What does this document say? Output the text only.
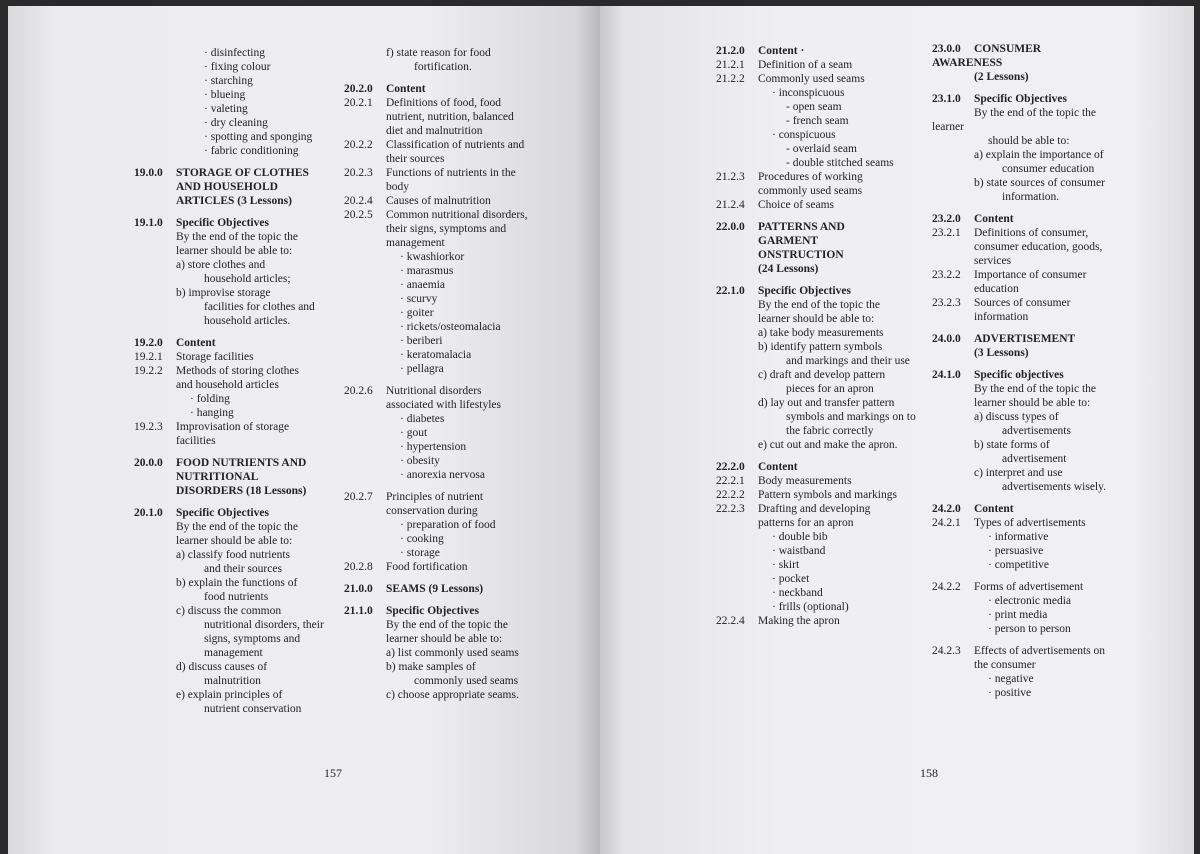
· disinfecting
· fixing colour
· starching
· blueing
· valeting
· dry cleaning
· spotting and sponging
· fabric conditioning
19.0.0	STORAGE OF CLOTHES
AND HOUSEHOLD
ARTICLES (3 Lessons)
19.1.0	Specific Objectives
By the end of the topic the
learner should be able to:
a) store clothes and
household articles;
b) improvise storage
facilities for clothes and
household articles.
19.2.0	Content
19.2.1	Storage facilities
19.2.2	Methods of storing clothes
and household articles
· folding
· hanging
19.2.3	Improvisation of storage
facilities
20.0.0	FOOD NUTRIENTS AND
NUTRITIONAL
DISORDERS (18 Lessons)
20.1.0	Specific Objectives
By the end of the topic the
learner should be able to:
a) classify food nutrients
and their sources
b) explain the functions of
food nutrients
c) discuss the common
nutritional disorders, their
signs, symptoms and
management
d) discuss causes of
malnutrition
e) explain principles of
nutrient conservation
f) state reason for food
fortification.
20.2.0	Content
20.2.1	Definitions of food, food
nutrient, nutrition, balanced
diet and malnutrition
20.2.2	Classification of nutrients and
their sources
20.2.3	Functions of nutrients in the
body
20.2.4	Causes of malnutrition
20.2.5	Common nutritional disorders,
their signs, symptoms and
management
· kwashiorkor
· marasmus
· anaemia
· scurvy
· goiter
· rickets/osteomalacia
· beriberi
· keratomalacia
· pellagra
20.2.6	Nutritional disorders
associated with lifestyles
· diabetes
· gout
· hypertension
· obesity
· anorexia nervosa
20.2.7	Principles of nutrient
conservation during
· preparation of food
· cooking
· storage
20.2.8	Food fortification
21.0.0	SEAMS (9 Lessons)
21.1.0	Specific Objectives
By the end of the topic the
learner should be able to:
a) list commonly used seams
b) make samples of
commonly used seams
c) choose appropriate seams.
157
21.2.0	Content ·
21.2.1	Definition of a seam
21.2.2	Commonly used seams
· inconspicuous
- open seam
- french seam
· conspicuous
- overlaid seam
- double stitched seams
21.2.3	Procedures of working
commonly used seams
21.2.4	Choice of seams
22.0.0	PATTERNS AND
GARMENT
ONSTRUCTION
(24 Lessons)
22.1.0	Specific Objectives
By the end of the topic the
learner should be able to:
a) take body measurements
b) identify pattern symbols
and markings and their use
c) draft and develop pattern
pieces for an apron
d) lay out and transfer pattern
symbols and markings on to
the fabric correctly
e) cut out and make the apron.
22.2.0	Content
22.2.1	Body measurements
22.2.2	Pattern symbols and markings
22.2.3	Drafting and developing
patterns for an apron
· double bib
· waistband
· skirt
· pocket
· neckband
· frills (optional)
22.2.4	Making the apron
23.0.0	CONSUMER
AWARENESS
(2 Lessons)
23.1.0	Specific Objectives
By the end of the topic the
learner
should be able to:
a) explain the importance of
consumer education
b) state sources of consumer
information.
23.2.0	Content
23.2.1	Definitions of consumer,
consumer education, goods,
services
23.2.2	Importance of consumer
education
23.2.3	Sources of consumer
information
24.0.0	ADVERTISEMENT
(3 Lessons)
24.1.0	Specific objectives
By the end of the topic the
learner should be able to:
a) discuss types of
advertisements
b) state forms of
advertisement
c) interpret and use
advertisements wisely.
24.2.0	Content
24.2.1	Types of advertisements
· informative
· persuasive
· competitive
24.2.2	Forms of advertisement
· electronic media
· print media
· person to person
24.2.3	Effects of advertisements on
the consumer
· negative
· positive
158
